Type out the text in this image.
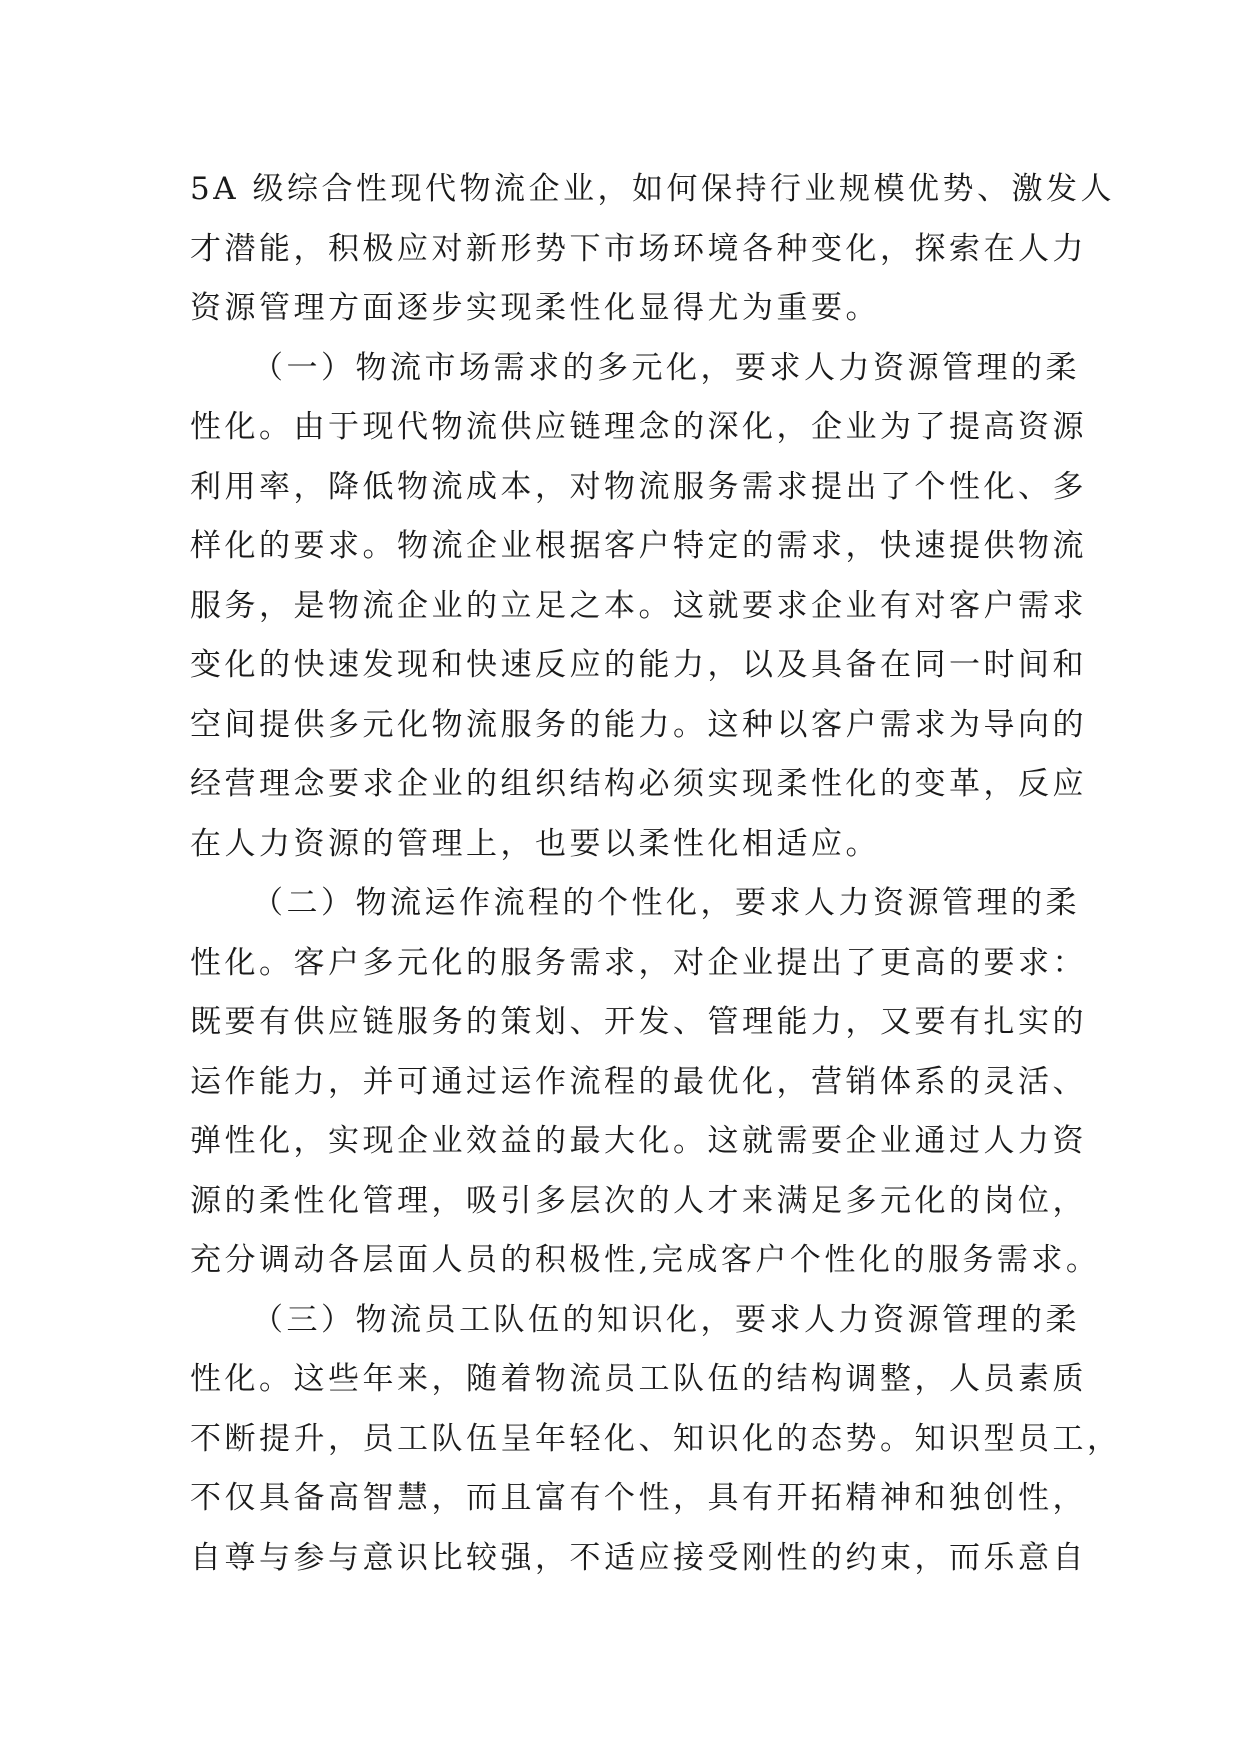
5A 级综合性现代物流企业，如何保持行业规模优势、激发人
才潜能，积极应对新形势下市场环境各种变化，探索在人力
资源管理方面逐步实现柔性化显得尤为重要。
（一）物流市场需求的多元化，要求人力资源管理的柔
性化。由于现代物流供应链理念的深化，企业为了提高资源
利用率，降低物流成本，对物流服务需求提出了个性化、多
样化的要求。物流企业根据客户特定的需求，快速提供物流
服务，是物流企业的立足之本。这就要求企业有对客户需求
变化的快速发现和快速反应的能力，以及具备在同一时间和
空间提供多元化物流服务的能力。这种以客户需求为导向的
经营理念要求企业的组织结构必须实现柔性化的变革，反应
在人力资源的管理上，也要以柔性化相适应。
（二）物流运作流程的个性化，要求人力资源管理的柔
性化。客户多元化的服务需求，对企业提出了更高的要求：
既要有供应链服务的策划、开发、管理能力，又要有扎实的
运作能力，并可通过运作流程的最优化，营销体系的灵活、
弹性化，实现企业效益的最大化。这就需要企业通过人力资
源的柔性化管理，吸引多层次的人才来满足多元化的岗位，
充分调动各层面人员的积极性,完成客户个性化的服务需求。
（三）物流员工队伍的知识化，要求人力资源管理的柔
性化。这些年来，随着物流员工队伍的结构调整，人员素质
不断提升，员工队伍呈年轻化、知识化的态势。知识型员工，
不仅具备高智慧，而且富有个性，具有开拓精神和独创性，
自尊与参与意识比较强，不适应接受刚性的约束，而乐意自
